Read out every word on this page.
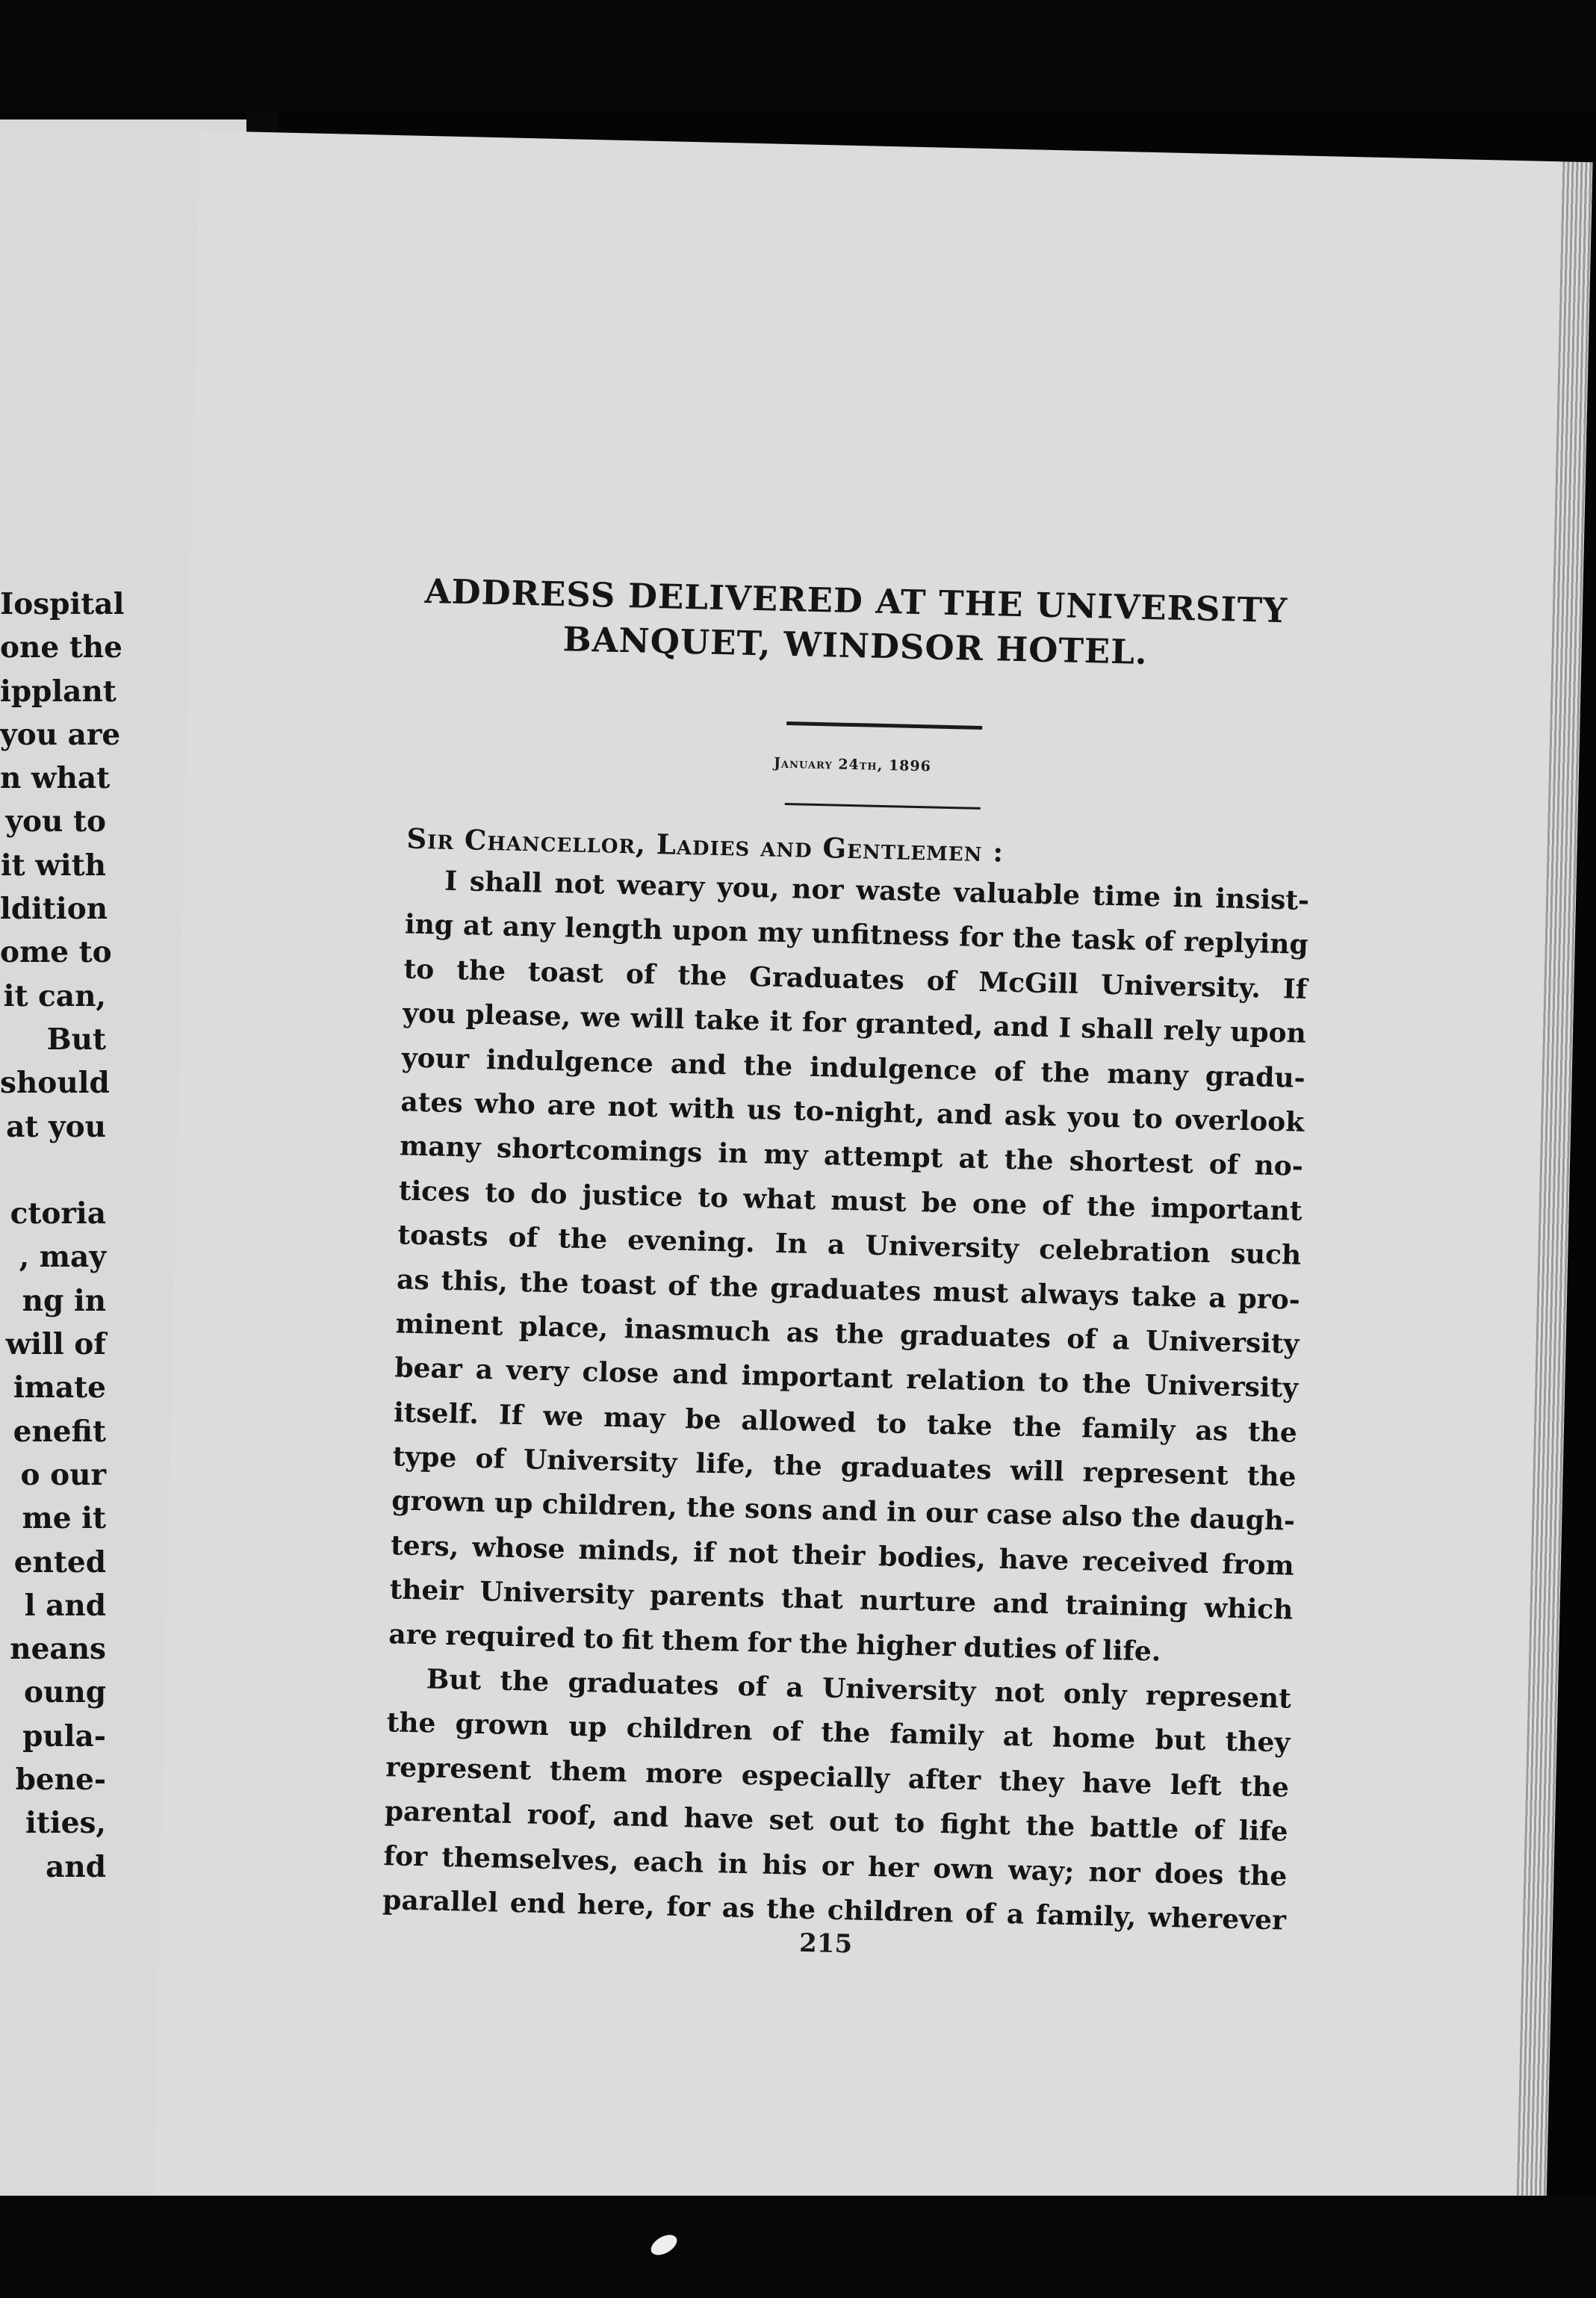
Iospital
one the
ipplant
you are
n what
you to
it with
ldition
ome to
it can,
But
should
at you
ctoria
, may
ng in
will of
imate
enefit
o our
me it
ented
l and
neans
oung
pula-
bene-
ities,
and
ADDRESS DELIVERED AT THE UNIVERSITY
BANQUET, WINDSOR HOTEL.
January 24th, 1896
Sir Chancellor, Ladies and Gentlemen :
I shall not weary you, nor waste valuable time in insist-
ing at any length upon my unfitness for the task of replying
to the toast of the Graduates of McGill University. If
you please, we will take it for granted, and I shall rely upon
your indulgence and the indulgence of the many gradu-
ates who are not with us to-night, and ask you to overlook
many shortcomings in my attempt at the shortest of no-
tices to do justice to what must be one of the important
toasts of the evening. In a University celebration such
as this, the toast of the graduates must always take a pro-
minent place, inasmuch as the graduates of a University
bear a very close and important relation to the University
itself. If we may be allowed to take the family as the
type of University life, the graduates will represent the
grown up children, the sons and in our case also the daugh-
ters, whose minds, if not their bodies, have received from
their University parents that nurture and training which
are required to fit them for the higher duties of life.
But the graduates of a University not only represent
the grown up children of the family at home but they
represent them more especially after they have left the
parental roof, and have set out to fight the battle of life
for themselves, each in his or her own way; nor does the
parallel end here, for as the children of a family, wherever
215
